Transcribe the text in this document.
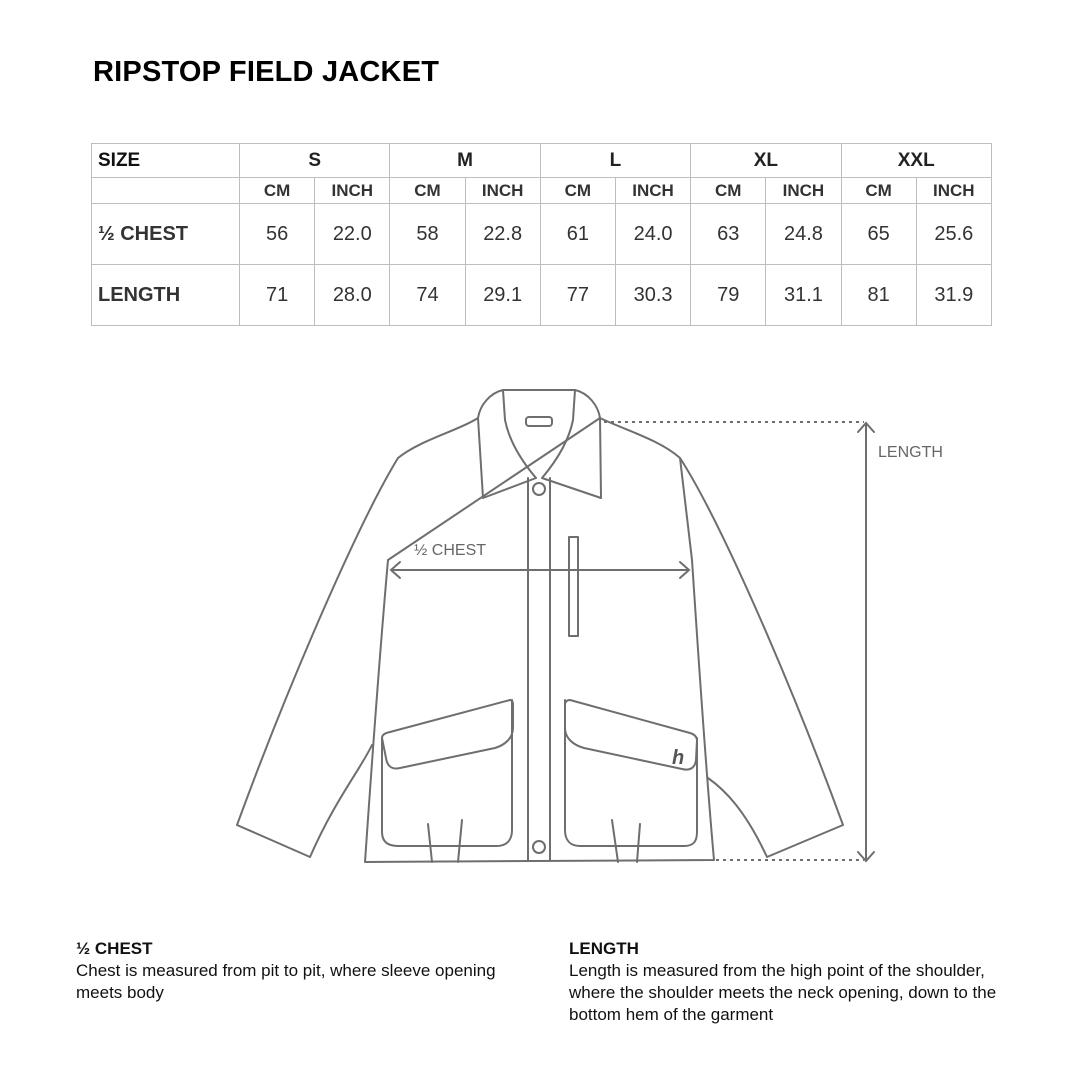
RIPSTOP FIELD JACKET
SIZE	S		M		L		XL		XXL	
	CM	INCH	CM	INCH	CM	INCH	CM	INCH	CM	INCH
½ CHEST	56	22.0	58	22.8	61	24.0	63	24.8	65	25.6
LENGTH	71	28.0	74	29.1	77	30.3	79	31.1	81	31.9
h
½ CHEST
LENGTH
½ CHEST
Chest is measured from pit to pit, where sleeve opening
meets body
LENGTH
Length is measured from the high point of the shoulder,
where the shoulder meets the neck opening, down to the
bottom hem of the garment
